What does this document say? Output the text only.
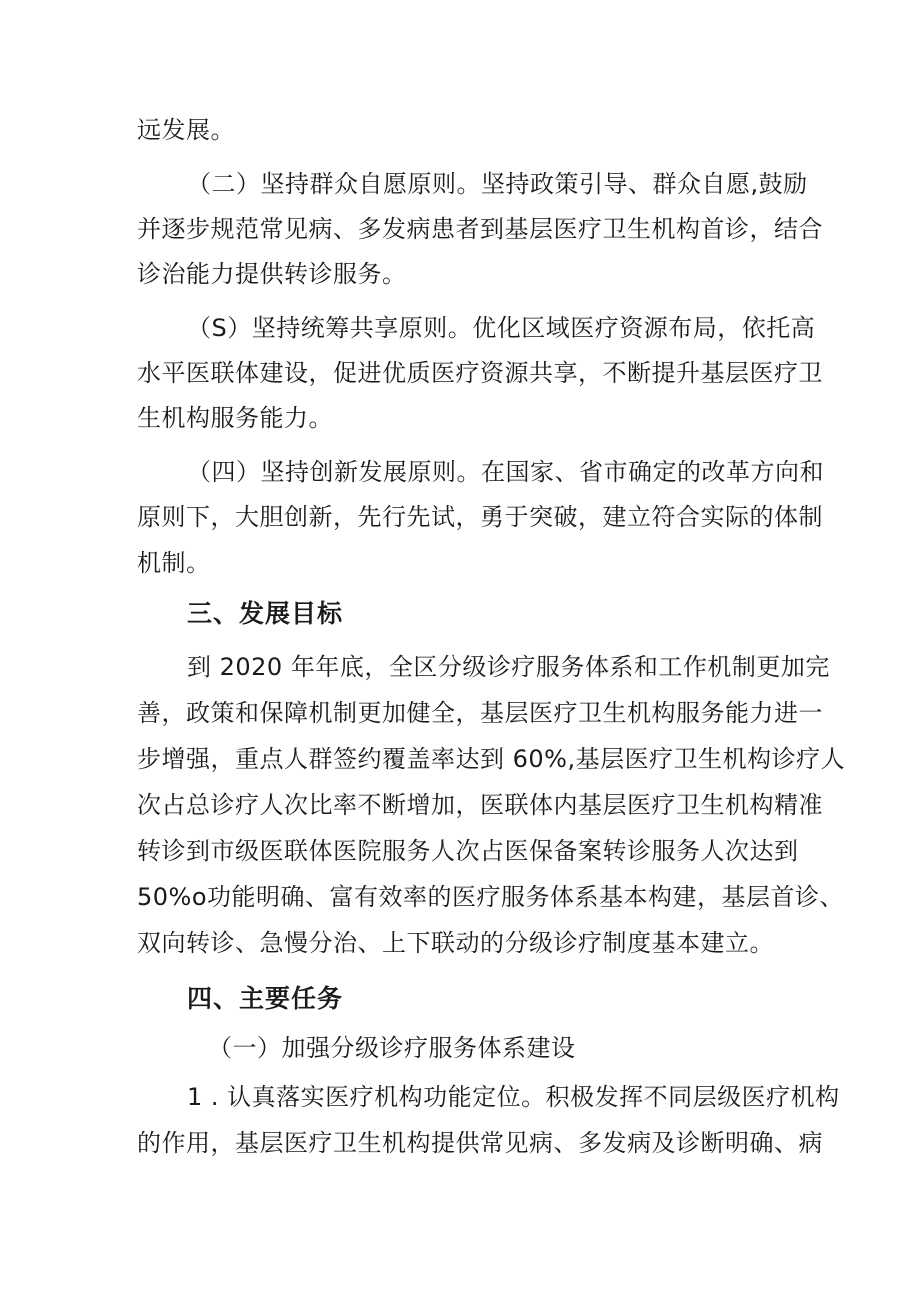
远发展。
（二）坚持群众自愿原则。坚持政策引导、群众自愿,鼓励
并逐步规范常见病、多发病患者到基层医疗卫生机构首诊，结合
诊治能力提供转诊服务。
（S）坚持统筹共享原则。优化区域医疗资源布局，依托高
水平医联体建设，促进优质医疗资源共享，不断提升基层医疗卫
生机构服务能力。
（四）坚持创新发展原则。在国家、省市确定的改革方向和
原则下，大胆创新，先行先试，勇于突破，建立符合实际的体制
机制。
三、发展目标
到 2020 年年底，全区分级诊疗服务体系和工作机制更加完
善，政策和保障机制更加健全，基层医疗卫生机构服务能力进一
步增强，重点人群签约覆盖率达到 60%,基层医疗卫生机构诊疗人
次占总诊疗人次比率不断增加，医联体内基层医疗卫生机构精准
转诊到市级医联体医院服务人次占医保备案转诊服务人次达到
50%o功能明确、富有效率的医疗服务体系基本构建，基层首诊、
双向转诊、急慢分治、上下联动的分级诊疗制度基本建立。
四、主要任务
（一）加强分级诊疗服务体系建设
1 . 认真落实医疗机构功能定位。积极发挥不同层级医疗机构
的作用，基层医疗卫生机构提供常见病、多发病及诊断明确、病
